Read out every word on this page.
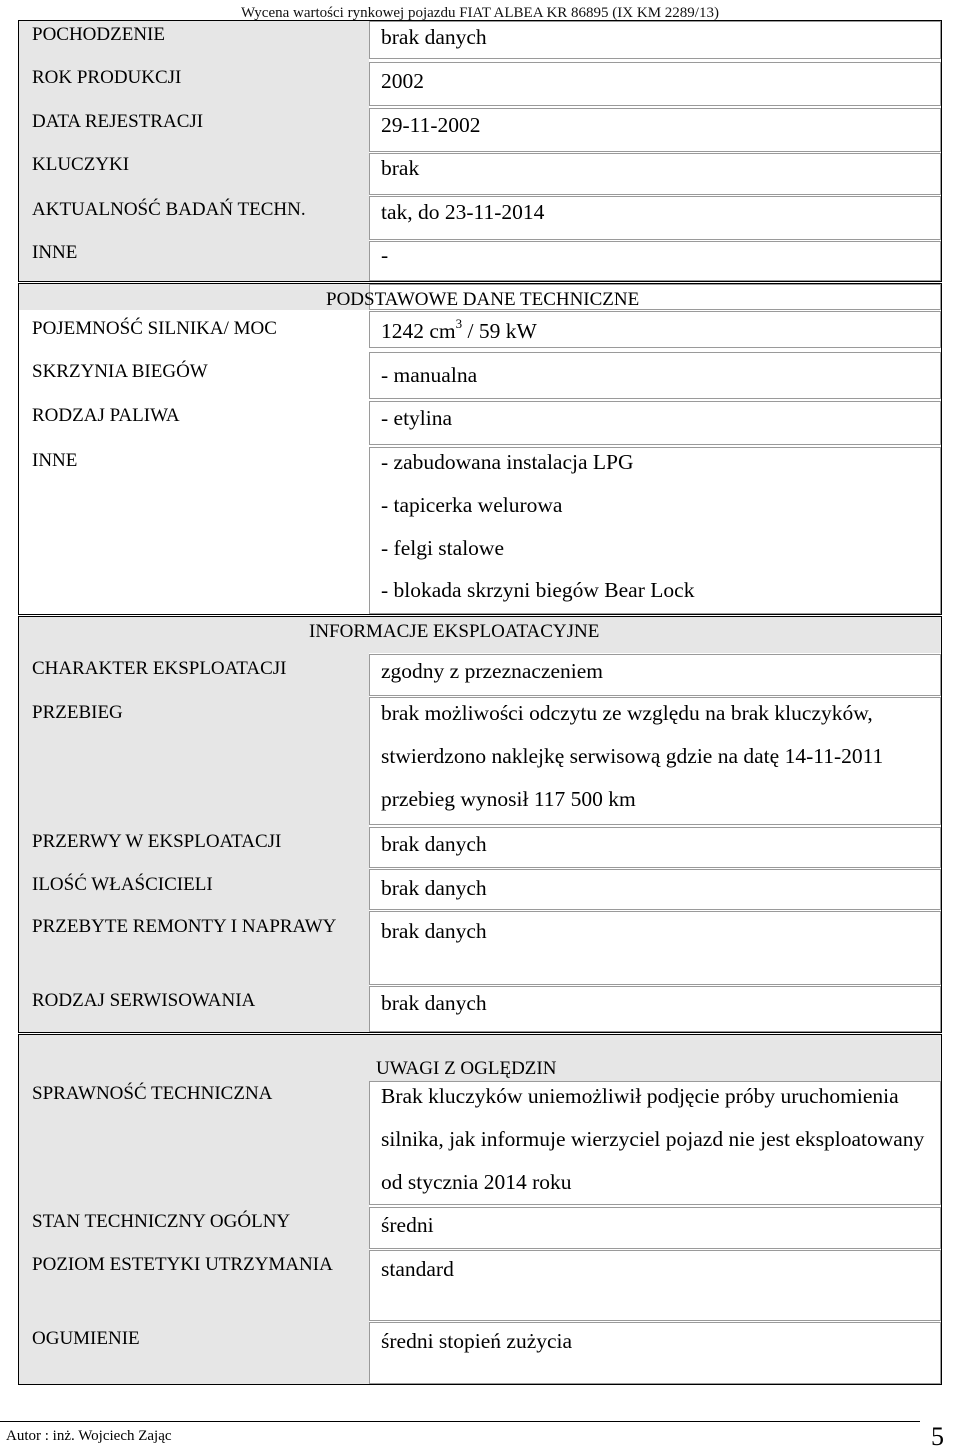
Wycena wartości rynkowej pojazdu FIAT ALBEA KR 86895 (IX KM 2289/13)
POCHODZENIE	brak danych
ROK PRODUKCJI	2002
DATA REJESTRACJI	29-11-2002
KLUCZYKI	brak
AKTUALNOŚĆ BADAŃ TECHN.	tak, do 23-11-2014
INNE	-
PODSTAWOWE DANE TECHNICZNE
POJEMNOŚĆ SILNIKA/ MOC	1242 $cm^3 / 59$ kW
SKRZYNIA BIEGÓW	- manualna
RODZAJ PALIWA	- etylina
INNE	- zabudowana instalacja LPG
- tapicerka welurowa
- felgi stalowe
- blokada skrzyni biegów Bear Lock
INFORMACJE EKSPLOATACYJNE
CHARAKTER EKSPLOATACJI	zgodny z przeznaczeniem
PRZEBIEG	brak możliwości odczytu ze względu na brak kluczyków, stwierdzono naklejkę serwisową gdzie na datę 14-11-2011 przebieg wynosił 117 500 km
PRZERWY W EKSPLOATACJI	brak danych
ILOŚĆ WŁAŚCICIELI	brak danych
PRZEBYTE REMONTY I NAPRAWY	brak danych
RODZAJ SERWISOWANIA	brak danych
UWAGI Z OGLĘDZIN
SPRAWNOŚĆ TECHNICZNA	Brak kluczyków uniemożliwił podjęcie próby uruchomienia silnika, jak informuje wierzyciel pojazd nie jest eksploatowany od stycznia 2014 roku
STAN TECHNICZNY OGÓLNY	średni
POZIOM ESTETYKI UTRZYMANIA	standard
OGUMIENIE	średni stopień zużycia
Autor : inż. Wojciech Zając	5
